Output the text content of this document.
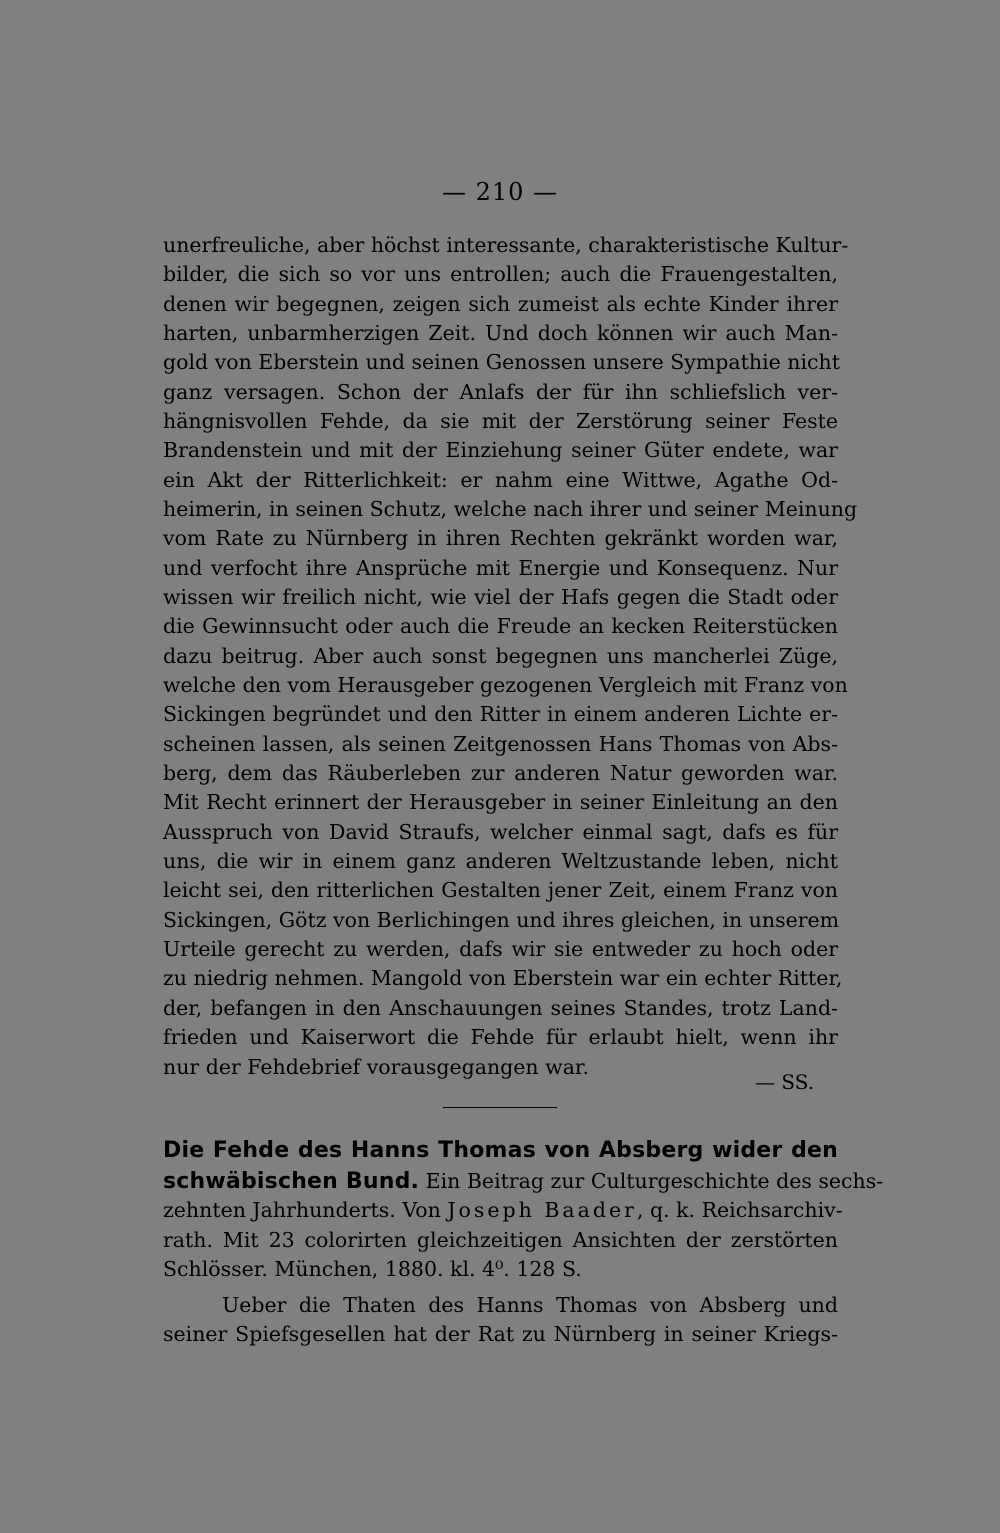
— 210 —
unerfreuliche, aber höchst interessante, charakteristische Kultur-
bilder, die sich so vor uns entrollen; auch die Frauengestalten,
denen wir begegnen, zeigen sich zumeist als echte Kinder ihrer
harten, unbarmherzigen Zeit. Und doch können wir auch Man-
gold von Eberstein und seinen Genossen unsere Sympathie nicht
ganz versagen. Schon der Anlafs der für ihn schliefslich ver-
hängnisvollen Fehde, da sie mit der Zerstörung seiner Feste
Brandenstein und mit der Einziehung seiner Güter endete, war
ein Akt der Ritterlichkeit: er nahm eine Wittwe, Agathe Od-
heimerin, in seinen Schutz, welche nach ihrer und seiner Meinung
vom Rate zu Nürnberg in ihren Rechten gekränkt worden war,
und verfocht ihre Ansprüche mit Energie und Konsequenz. Nur
wissen wir freilich nicht, wie viel der Hafs gegen die Stadt oder
die Gewinnsucht oder auch die Freude an kecken Reiterstücken
dazu beitrug. Aber auch sonst begegnen uns mancherlei Züge,
welche den vom Herausgeber gezogenen Vergleich mit Franz von
Sickingen begründet und den Ritter in einem anderen Lichte er-
scheinen lassen, als seinen Zeitgenossen Hans Thomas von Abs-
berg, dem das Räuberleben zur anderen Natur geworden war.
Mit Recht erinnert der Herausgeber in seiner Einleitung an den
Ausspruch von David Straufs, welcher einmal sagt, dafs es für
uns, die wir in einem ganz anderen Weltzustande leben, nicht
leicht sei, den ritterlichen Gestalten jener Zeit, einem Franz von
Sickingen, Götz von Berlichingen und ihres gleichen, in unserem
Urteile gerecht zu werden, dafs wir sie entweder zu hoch oder
zu niedrig nehmen. Mangold von Eberstein war ein echter Ritter,
der, befangen in den Anschauungen seines Standes, trotz Land-
frieden und Kaiserwort die Fehde für erlaubt hielt, wenn ihr
nur der Fehdebrief vorausgegangen war.
— SS.
Die Fehde des Hanns Thomas von Absberg wider den
schwäbischen Bund. Ein Beitrag zur Culturgeschichte des sechs-
zehnten Jahrhunderts. Von Joseph Baader, q. k. Reichsarchiv-
rath. Mit 23 colorirten gleichzeitigen Ansichten der zerstörten
Schlösser. München, 1880. kl. 4⁰. 128 S.
Ueber die Thaten des Hanns Thomas von Absberg und
seiner Spiefsgesellen hat der Rat zu Nürnberg in seiner Kriegs-
